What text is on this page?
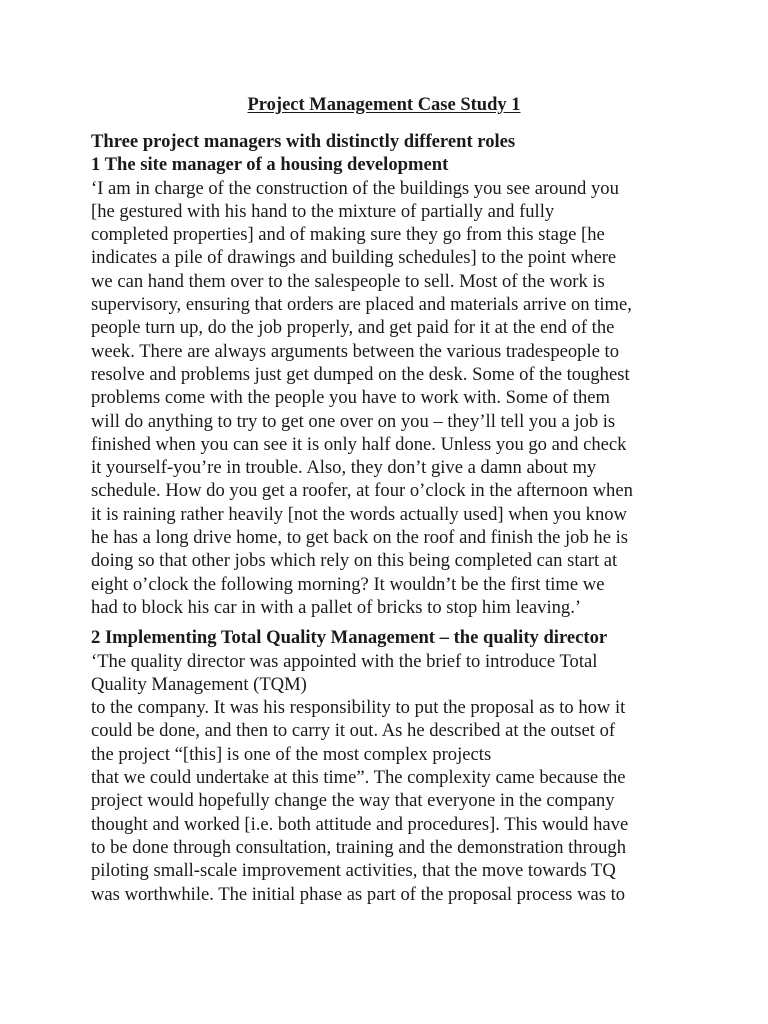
Project Management Case Study 1
Three project managers with distinctly different roles
1 The site manager of a housing development
‘I am in charge of the construction of the buildings you see around you
[he gestured with his hand to the mixture of partially and fully
completed properties] and of making sure they go from this stage [he
indicates a pile of drawings and building schedules] to the point where
we can hand them over to the salespeople to sell. Most of the work is
supervisory, ensuring that orders are placed and materials arrive on time,
people turn up, do the job properly, and get paid for it at the end of the
week. There are always arguments between the various tradespeople to
resolve and problems just get dumped on the desk. Some of the toughest
problems come with the people you have to work with. Some of them
will do anything to try to get one over on you – they’ll tell you a job is
finished when you can see it is only half done. Unless you go and check
it yourself-you’re in trouble. Also, they don’t give a damn about my
schedule. How do you get a roofer, at four o’clock in the afternoon when
it is raining rather heavily [not the words actually used] when you know
he has a long drive home, to get back on the roof and finish the job he is
doing so that other jobs which rely on this being completed can start at
eight o’clock the following morning? It wouldn’t be the first time we
had to block his car in with a pallet of bricks to stop him leaving.’
2 Implementing Total Quality Management – the quality director
‘The quality director was appointed with the brief to introduce Total
Quality Management (TQM)
to the company. It was his responsibility to put the proposal as to how it
could be done, and then to carry it out. As he described at the outset of
the project “[this] is one of the most complex projects
that we could undertake at this time”. The complexity came because the
project would hopefully change the way that everyone in the company
thought and worked [i.e. both attitude and procedures]. This would have
to be done through consultation, training and the demonstration through
piloting small-scale improvement activities, that the move towards TQ
was worthwhile. The initial phase as part of the proposal process was to
